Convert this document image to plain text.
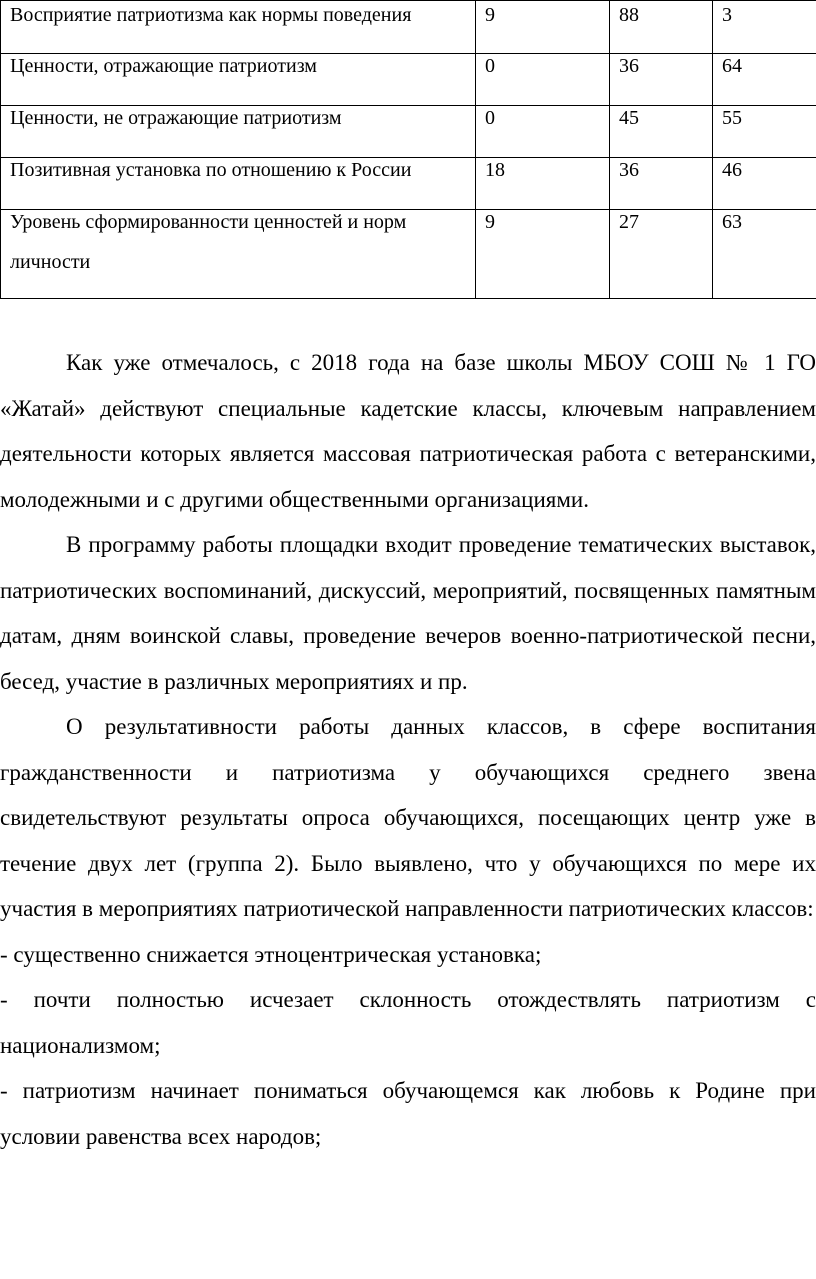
Восприятие патриотизма как нормы поведения	9	88	3

Ценности, отражающие патриотизм	0	36	64

Ценности, не отражающие патриотизм	0	45	55

Позитивная установка по отношению к России	18	36	46

Уровень сформированности ценностей и норм личности	9	27	63

Как уже отмечалось, с 2018 года на базе школы МБОУ СОШ № 1 ГО «Жатай» действуют специальные кадетские классы, ключевым направлением деятельности которых является массовая патриотическая работа с ветеранскими, молодежными и с другими общественными организациями.

В программу работы площадки входит проведение тематических выставок, патриотических воспоминаний, дискуссий, мероприятий, посвященных памятным датам, дням воинской славы, проведение вечеров военно-патриотической песни, бесед, участие в различных мероприятиях и пр.

О результативности работы данных классов, в сфере воспитания гражданственности и патриотизма у обучающихся среднего звена свидетельствуют результаты опроса обучающихся, посещающих центр уже в течение двух лет (группа 2). Было выявлено, что у обучающихся по мере их участия в мероприятиях патриотической направленности патриотических классов:

- существенно снижается этноцентрическая установка;

- почти полностью исчезает склонность отождествлять патриотизм с национализмом;

- патриотизм начинает пониматься обучающемся как любовь к Родине при условии равенства всех народов;
